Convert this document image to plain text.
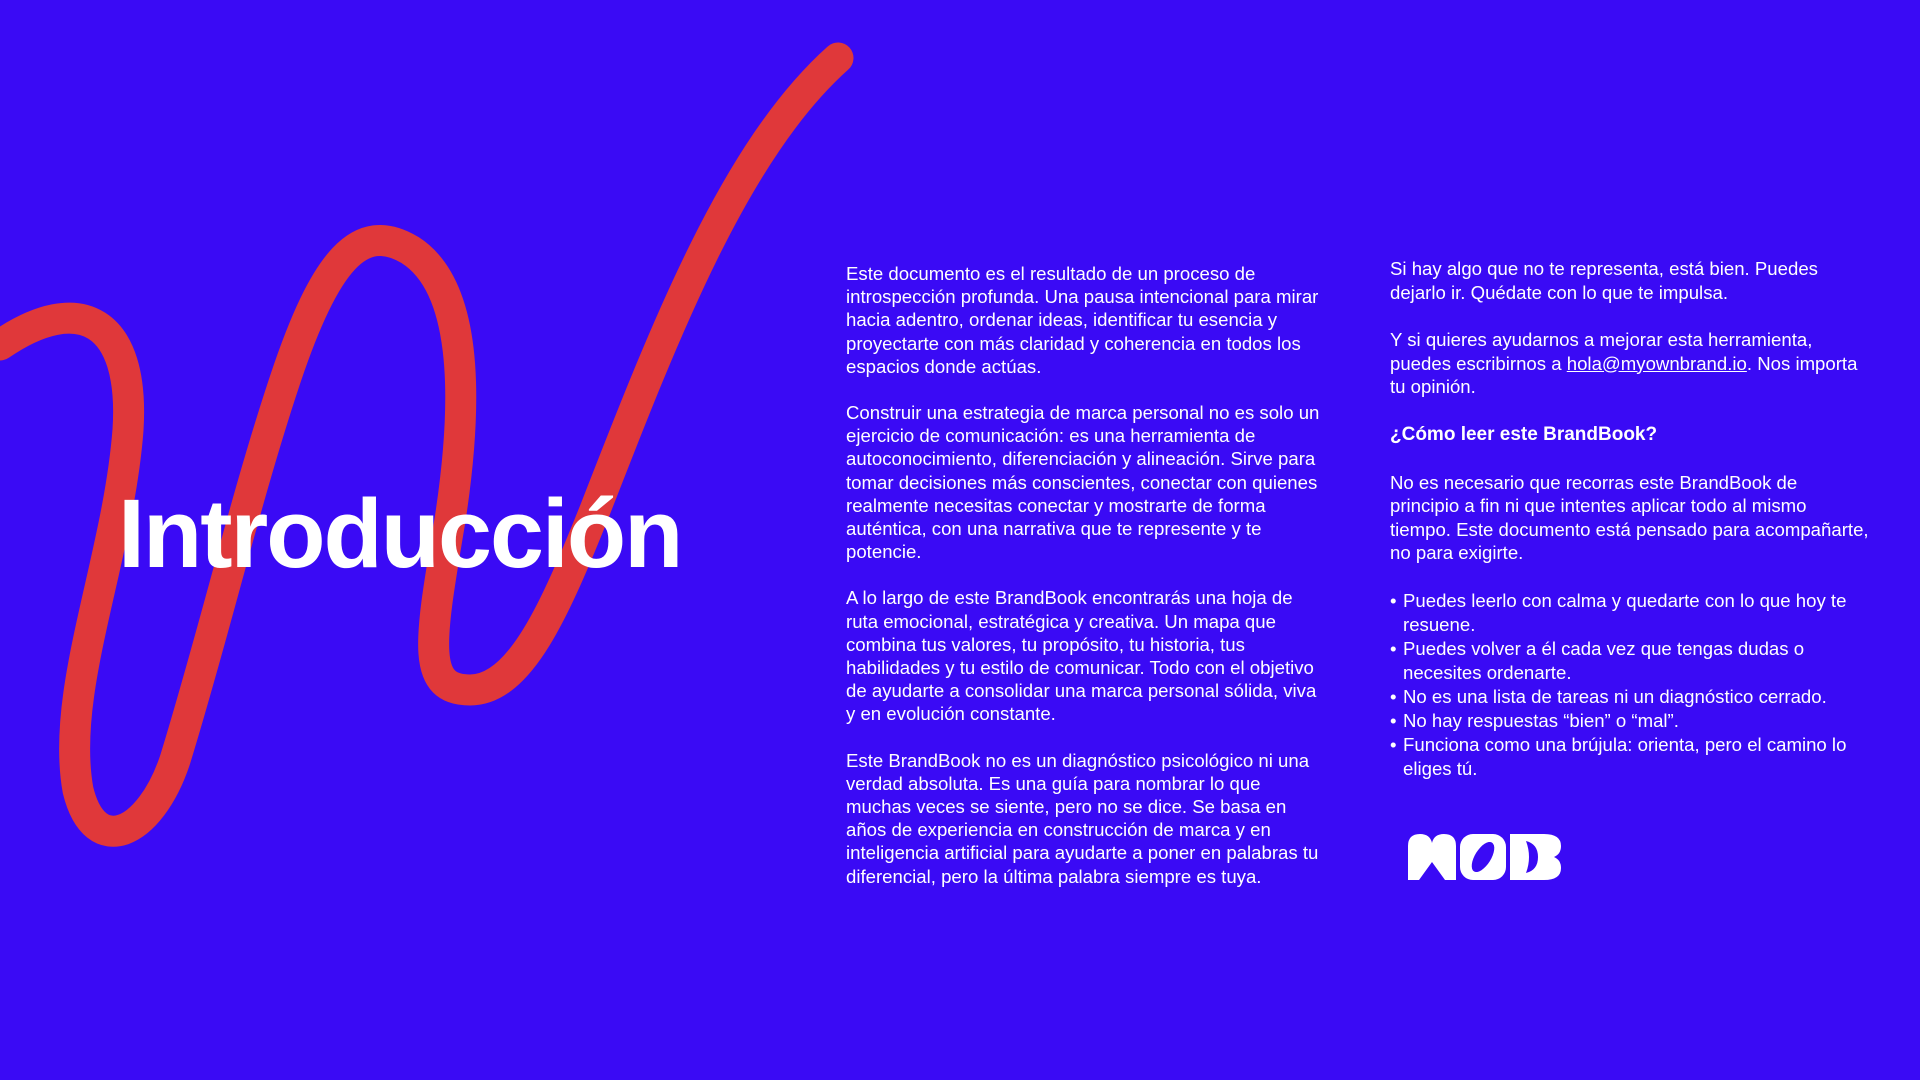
Introducción

Este documento es el resultado de un proceso de introspección profunda. Una pausa intencional para mirar hacia adentro, ordenar ideas, identificar tu esencia y proyectarte con más claridad y coherencia en todos los espacios donde actúas.

Construir una estrategia de marca personal no es solo un ejercicio de comunicación: es una herramienta de autoconocimiento, diferenciación y alineación. Sirve para tomar decisiones más conscientes, conectar con quienes realmente necesitas conectar y mostrarte de forma auténtica, con una narrativa que te represente y te potencie.

A lo largo de este BrandBook encontrarás una hoja de ruta emocional, estratégica y creativa. Un mapa que combina tus valores, tu propósito, tu historia, tus habilidades y tu estilo de comunicar. Todo con el objetivo de ayudarte a consolidar una marca personal sólida, viva y en evolución constante.

Este BrandBook no es un diagnóstico psicológico ni una verdad absoluta. Es una guía para nombrar lo que muchas veces se siente, pero no se dice. Se basa en años de experiencia en construcción de marca y en inteligencia artificial para ayudarte a poner en palabras tu diferencial, pero la última palabra siempre es tuya.

Si hay algo que no te representa, está bien. Puedes dejarlo ir. Quédate con lo que te impulsa.

Y si quieres ayudarnos a mejorar esta herramienta, puedes escribirnos a hola@myownbrand.io. Nos importa tu opinión.

¿Cómo leer este BrandBook?

No es necesario que recorras este BrandBook de principio a fin ni que intentes aplicar todo al mismo tiempo. Este documento está pensado para acompañarte, no para exigirte.

• Puedes leerlo con calma y quedarte con lo que hoy te resuene.
• Puedes volver a él cada vez que tengas dudas o necesites ordenarte.
• No es una lista de tareas ni un diagnóstico cerrado.
• No hay respuestas “bien” o “mal”.
• Funciona como una brújula: orienta, pero el camino lo eliges tú.
